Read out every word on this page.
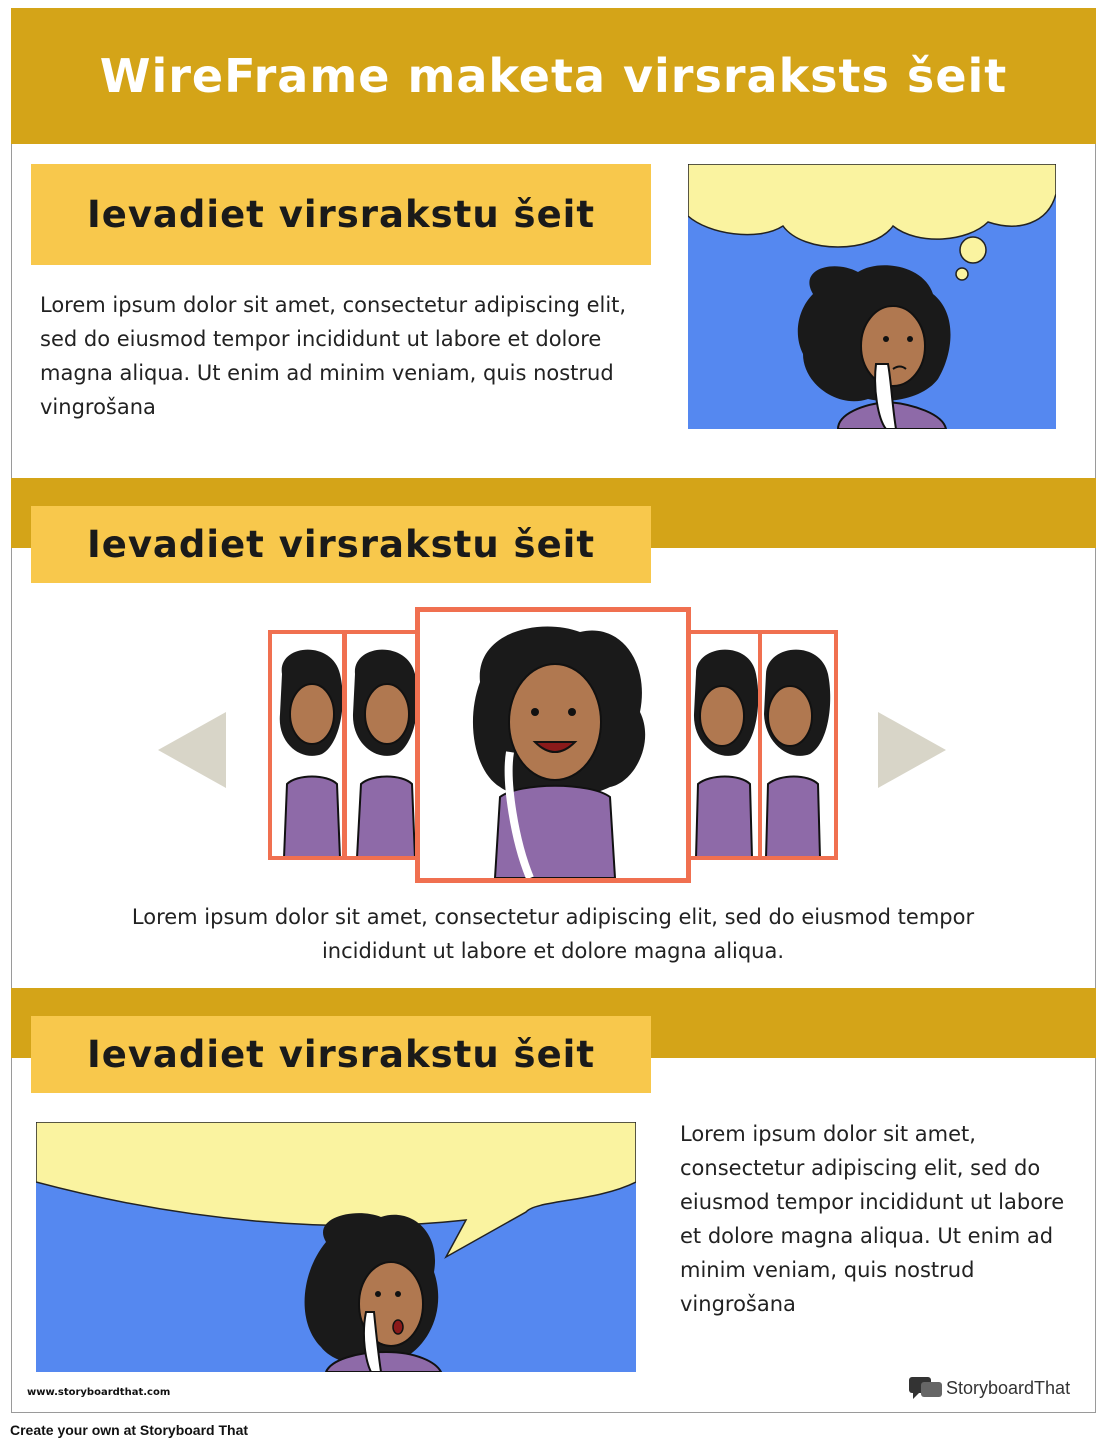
WireFrame maketa virsraksts šeit
Ievadiet virsrakstu šeit
Lorem ipsum dolor sit amet, consectetur adipiscing elit, sed do eiusmod tempor incididunt ut labore et dolore magna aliqua. Ut enim ad minim veniam, quis nostrud vingrošana
Ievadiet virsrakstu šeit
Lorem ipsum dolor sit amet, consectetur adipiscing elit, sed do eiusmod tempor incididunt ut labore et dolore magna aliqua.
Ievadiet virsrakstu šeit
Lorem ipsum dolor sit amet, consectetur adipiscing elit, sed do eiusmod tempor incididunt ut labore et dolore magna aliqua. Ut enim ad minim veniam, quis nostrud vingrošana
www.storyboardthat.com	StoryboardThat
Create your own at Storyboard That
